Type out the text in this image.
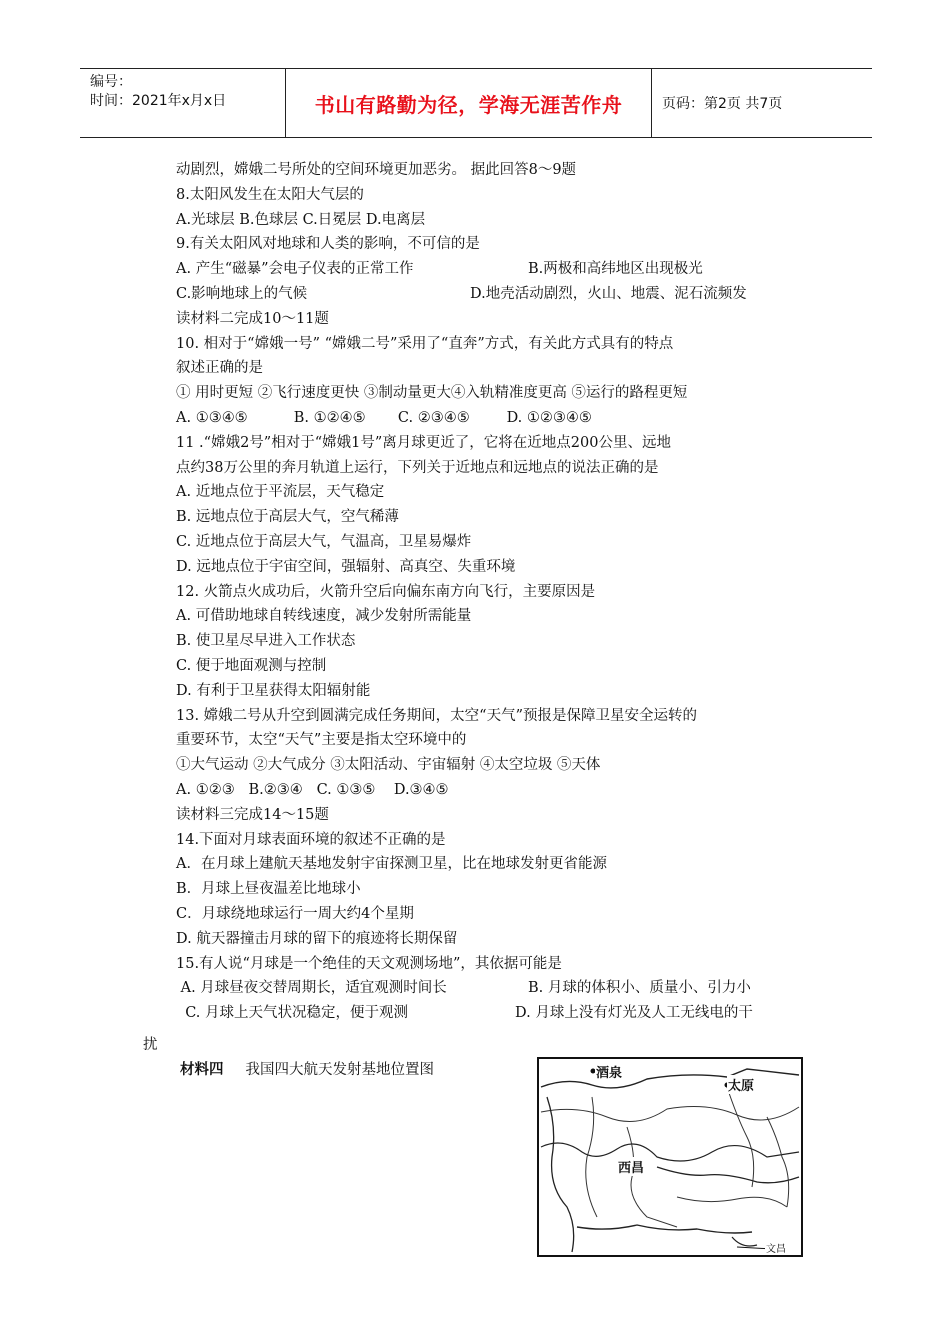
编号：
时间：2021年x月x日	书山有路勤为径，学海无涯苦作舟	页码：第2页 共7页
动剧烈，嫦娥二号所处的空间环境更加恶劣。 据此回答8～9题
8.太阳风发生在太阳大气层的
A.光球层 B.色球层 C.日冕层 D.电离层
9.有关太阳风对地球和人类的影响，不可信的是
A. 产生“磁暴”会电子仪表的正常工作	B.两极和高纬地区出现极光
C.影响地球上的气候	D.地壳活动剧烈，火山、地震、泥石流频发
读材料二完成10～11题
10. 相对于“嫦娥一号” “嫦娥二号”采用了“直奔”方式，有关此方式具有的特点
叙述正确的是
① 用时更短 ②飞行速度更快 ③制动量更大④入轨精准度更高 ⑤运行的路程更短
A. ①③④⑤          B. ①②④⑤       C. ②③④⑤        D. ①②③④⑤
11 .“嫦娥2号”相对于“嫦娥1号”离月球更近了，它将在近地点200公里、远地
点约38万公里的奔月轨道上运行，下列关于近地点和远地点的说法正确的是
A. 近地点位于平流层，天气稳定
B. 远地点位于高层大气，空气稀薄
C. 近地点位于高层大气，气温高，卫星易爆炸
D. 远地点位于宇宙空间，强辐射、高真空、失重环境
12. 火箭点火成功后，火箭升空后向偏东南方向飞行，主要原因是
A. 可借助地球自转线速度，减少发射所需能量
B. 使卫星尽早进入工作状态
C. 便于地面观测与控制
D. 有利于卫星获得太阳辐射能
13. 嫦娥二号从升空到圆满完成任务期间，太空“天气”预报是保障卫星安全运转的
重要环节，太空“天气”主要是指太空环境中的
①大气运动 ②大气成分 ③太阳活动、宇宙辐射 ④太空垃圾 ⑤天体
A. ①②③   B.②③④   C. ①③⑤    D.③④⑤
读材料三完成14～15题
14.下面对月球表面环境的叙述不正确的是
A．在月球上建航天基地发射宇宙探测卫星，比在地球发射更省能源
B．月球上昼夜温差比地球小
C．月球绕地球运行一周大约4个星期
D. 航天器撞击月球的留下的痕迹将长期保留
15.有人说“月球是一个绝佳的天文观测场地”，其依据可能是
A. 月球昼夜交替周期长，适宜观测时间长	B. 月球的体积小、质量小、引力小
C. 月球上天气状况稳定，便于观测	D. 月球上没有灯光及人工无线电的干
扰
材料四 我国四大航天发射基地位置图	酒泉
太原
西昌
文昌
